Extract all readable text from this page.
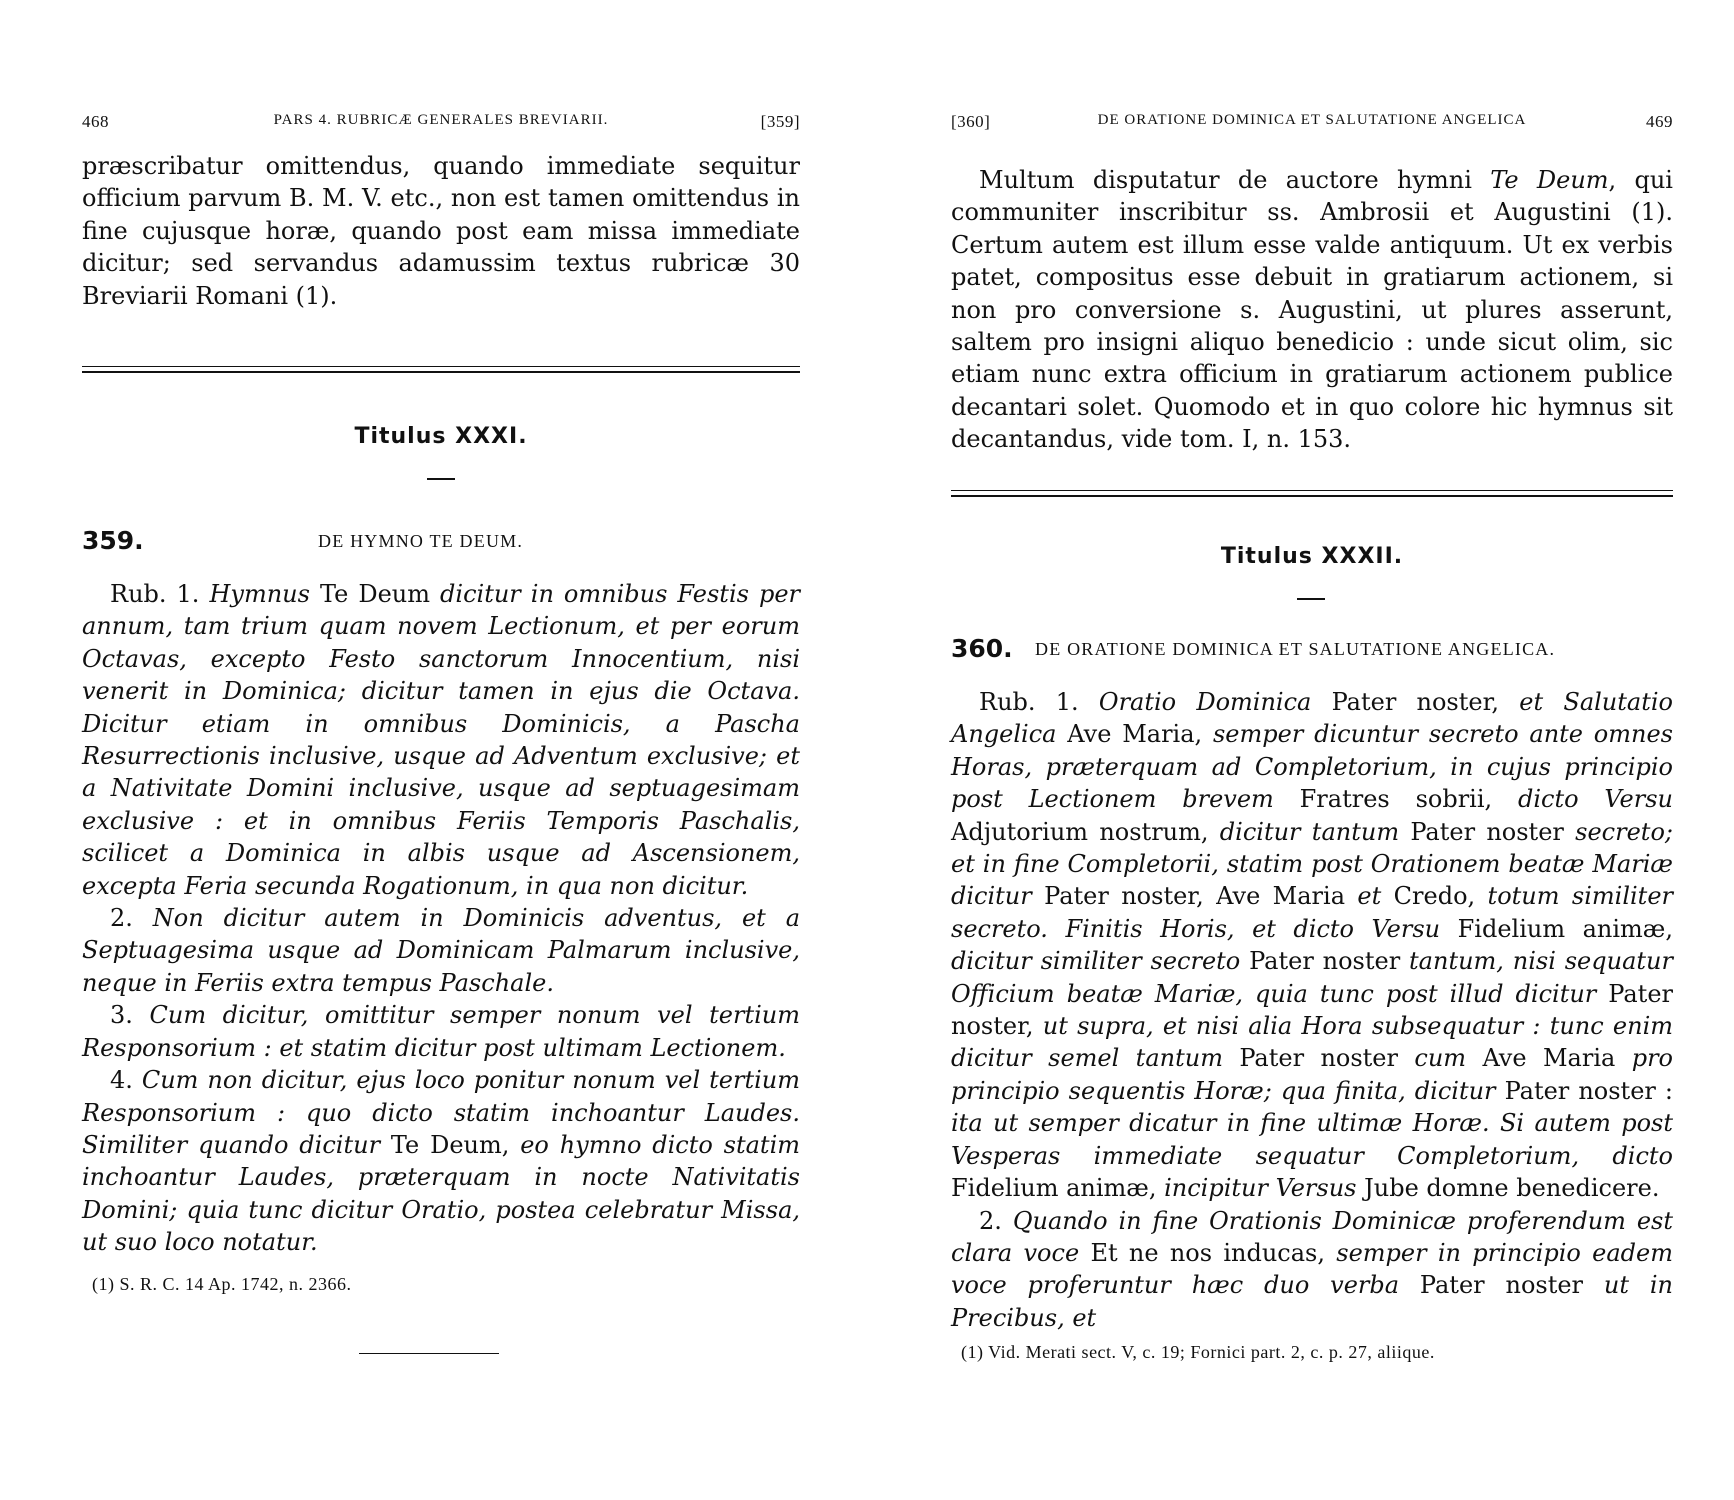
468	PARS 4. RUBRICÆ GENERALES BREVIARII.	[359]

præscribatur omittendus, quando immediate sequitur officium parvum B. M. V. etc., non est tamen omittendus in fine cujusque horæ, quando post eam missa immediate dicitur; sed servandus adamussim textus rubricæ 30 Breviarii Romani (1).

Titulus XXXI.
359.	DE HYMNO TE DEUM.

Rub. 1. Hymnus Te Deum dicitur in omnibus Festis per annum, tam trium quam novem Lectionum, et per eorum Octavas, excepto Festo sanctorum Innocentium, nisi venerit in Dominica; dicitur tamen in ejus die Octava. Dicitur etiam in omnibus Dominicis, a Pascha Resurrectionis inclusive, usque ad Adventum exclusive; et a Nativitate Domini inclusive, usque ad septuagesimam exclusive : et in omnibus Feriis Temporis Paschalis, scilicet a Dominica in albis usque ad Ascensionem, excepta Feria secunda Rogationum, in qua non dicitur.

2. Non dicitur autem in Dominicis adventus, et a Septuagesima usque ad Dominicam Palmarum inclusive, neque in Feriis extra tempus Paschale.

3. Cum dicitur, omittitur semper nonum vel tertium Responsorium : et statim dicitur post ultimam Lectionem.

4. Cum non dicitur, ejus loco ponitur nonum vel tertium Responsorium : quo dicto statim inchoantur Laudes. Similiter quando dicitur Te Deum, eo hymno dicto statim inchoantur Laudes, præterquam in nocte Nativitatis Domini; quia tunc dicitur Oratio, postea celebratur Missa, ut suo loco notatur.

(1) S. R. C. 14 Ap. 1742, n. 2366.
[360]	DE ORATIONE DOMINICA ET SALUTATIONE ANGELICA	469

Multum disputatur de auctore hymni Te Deum, qui communiter inscribitur ss. Ambrosii et Augustini (1). Certum autem est illum esse valde antiquum. Ut ex verbis patet, compositus esse debuit in gratiarum actionem, si non pro conversione s. Augustini, ut plures asserunt, saltem pro insigni aliquo benedicio : unde sicut olim, sic etiam nunc extra officium in gratiarum actionem publice decantari solet. Quomodo et in quo colore hic hymnus sit decantandus, vide tom. I, n. 153.

Titulus XXXII.
360. DE ORATIONE DOMINICA ET SALUTATIONE ANGELICA.

Rub. 1. Oratio Dominica Pater noster, et Salutatio Angelica Ave Maria, semper dicuntur secreto ante omnes Horas, præterquam ad Completorium, in cujus principio post Lectionem brevem Fratres sobrii, dicto Versu Adjutorium nostrum, dicitur tantum Pater noster secreto; et in fine Completorii, statim post Orationem beatæ Mariæ dicitur Pater noster, Ave Maria et Credo, totum similiter secreto. Finitis Horis, et dicto Versu Fidelium animæ, dicitur similiter secreto Pater noster tantum, nisi sequatur Officium beatæ Mariæ, quia tunc post illud dicitur Pater noster, ut supra, et nisi alia Hora subsequatur : tunc enim dicitur semel tantum Pater noster cum Ave Maria pro principio sequentis Horæ; qua finita, dicitur Pater noster : ita ut semper dicatur in fine ultimæ Horæ. Si autem post Vesperas immediate sequatur Completorium, dicto Fidelium animæ, incipitur Versus Jube domne benedicere.

2. Quando in fine Orationis Dominicæ proferendum est clara voce Et ne nos inducas, semper in principio eadem voce proferuntur hæc duo verba Pater noster ut in Precibus, et

(1) Vid. Merati sect. V, c. 19; Fornici part. 2, c. p. 27, aliique.
